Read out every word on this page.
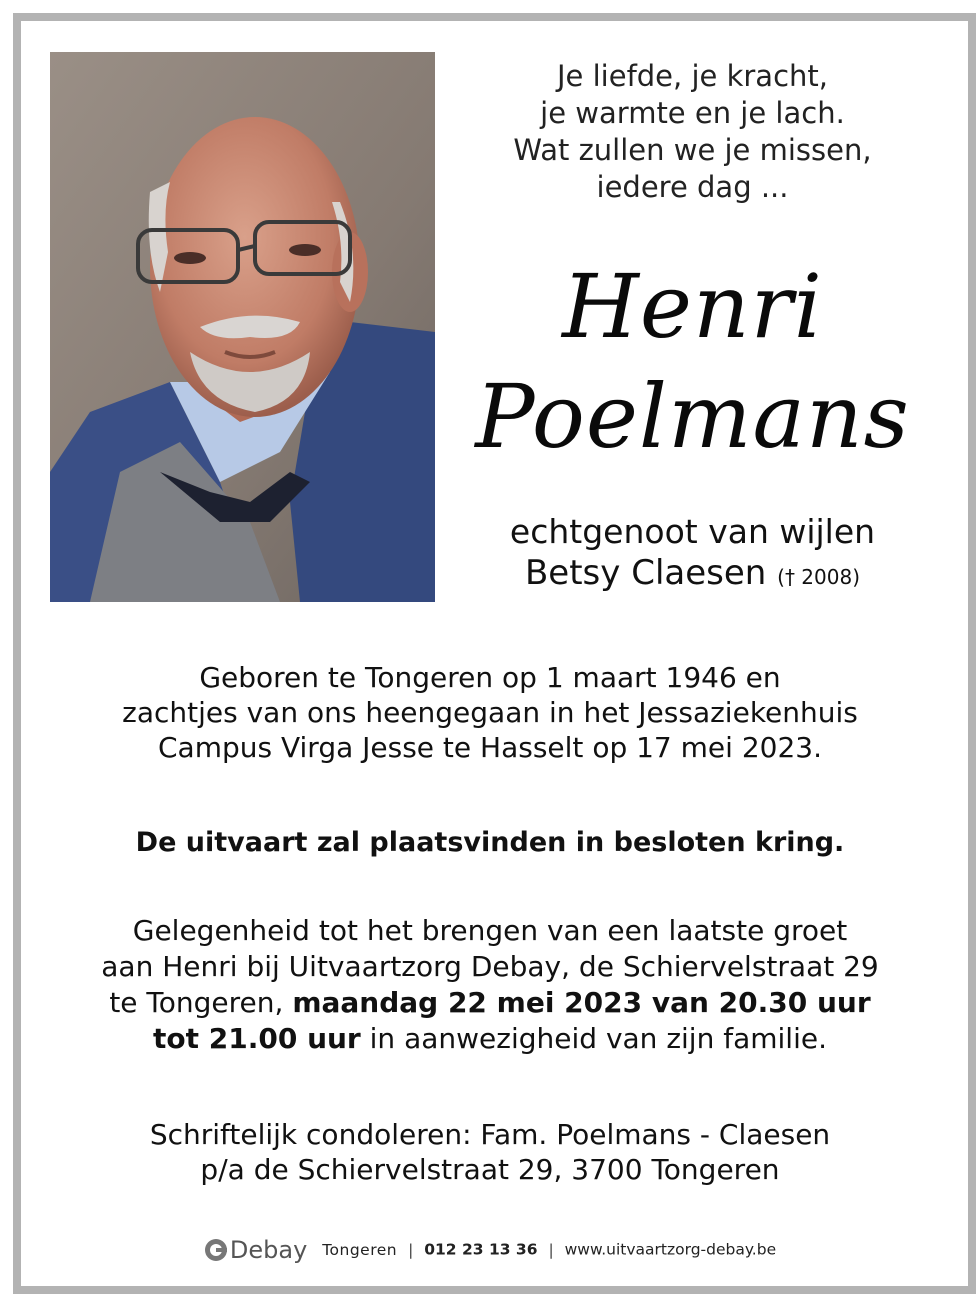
Je liefde, je kracht,
je warmte en je lach.
Wat zullen we je missen,
iedere dag ...
Henri
Poelmans
echtgenoot van wijlen
Betsy Claesen († 2008)
Geboren te Tongeren op 1 maart 1946 en
zachtjes van ons heengegaan in het Jessaziekenhuis
Campus Virga Jesse te Hasselt op 17 mei 2023.
De uitvaart zal plaatsvinden in besloten kring.
Gelegenheid tot het brengen van een laatste groet
aan Henri bij Uitvaartzorg Debay, de Schiervelstraat 29
te Tongeren, maandag 22 mei 2023 van 20.30 uur
tot 21.00 uur in aanwezigheid van zijn familie.
Schriftelijk condoleren: Fam. Poelmans - Claesen
p/a de Schiervelstraat 29, 3700 Tongeren
Debay Tongeren | 012 23 13 36 | www.uitvaartzorg-debay.be
